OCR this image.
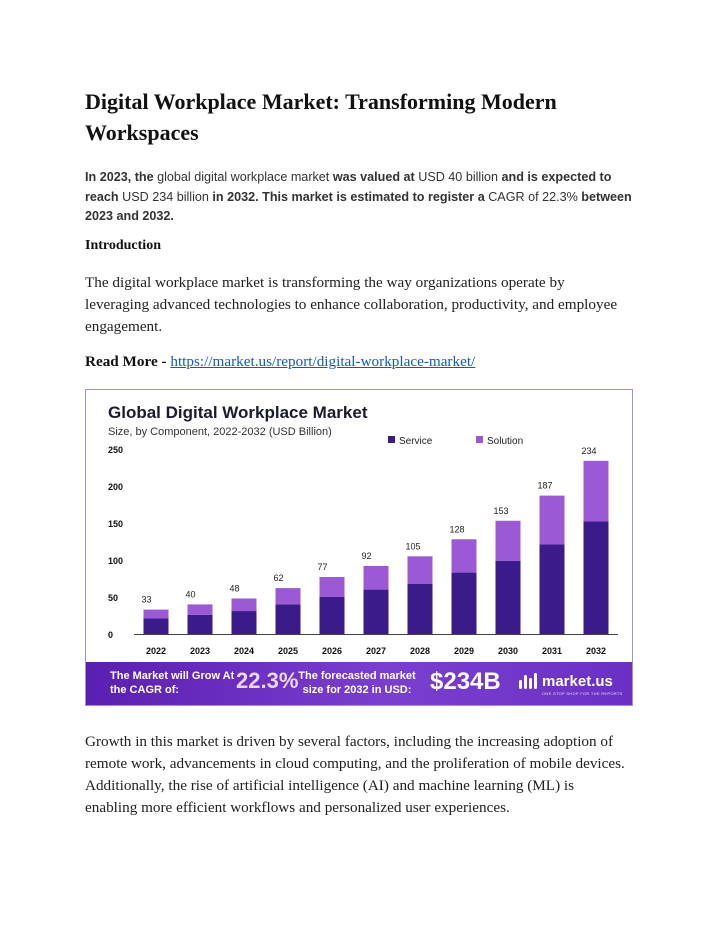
Digital Workplace Market: Transforming Modern Workspaces
In 2023, the global digital workplace market was valued at USD 40 billion and is expected to reach USD 234 billion in 2032. This market is estimated to register a CAGR of 22.3% between 2023 and 2032.
Introduction
The digital workplace market is transforming the way organizations operate by leveraging advanced technologies to enhance collaboration, productivity, and employee engagement.
Read More - https://market.us/report/digital-workplace-market/
Global Digital Workplace Market
Size, by Component, 2022-2032 (USD Billion)
Service	Solution
0
50
100
150
200
250
33
40
48
62
77
92
105
128
153
187
234
2022	2023	2024	2025	2026	2027	2028	2029	2030	2031	2032
The Market will Grow At the CAGR of:	22.3% The forecasted market size for 2032 in USD: $234B	market.us
ONE STOP SHOP FOR THE REPORTS
Growth in this market is driven by several factors, including the increasing adoption of remote work, advancements in cloud computing, and the proliferation of mobile devices. Additionally, the rise of artificial intelligence (AI) and machine learning (ML) is enabling more efficient workflows and personalized user experiences.
